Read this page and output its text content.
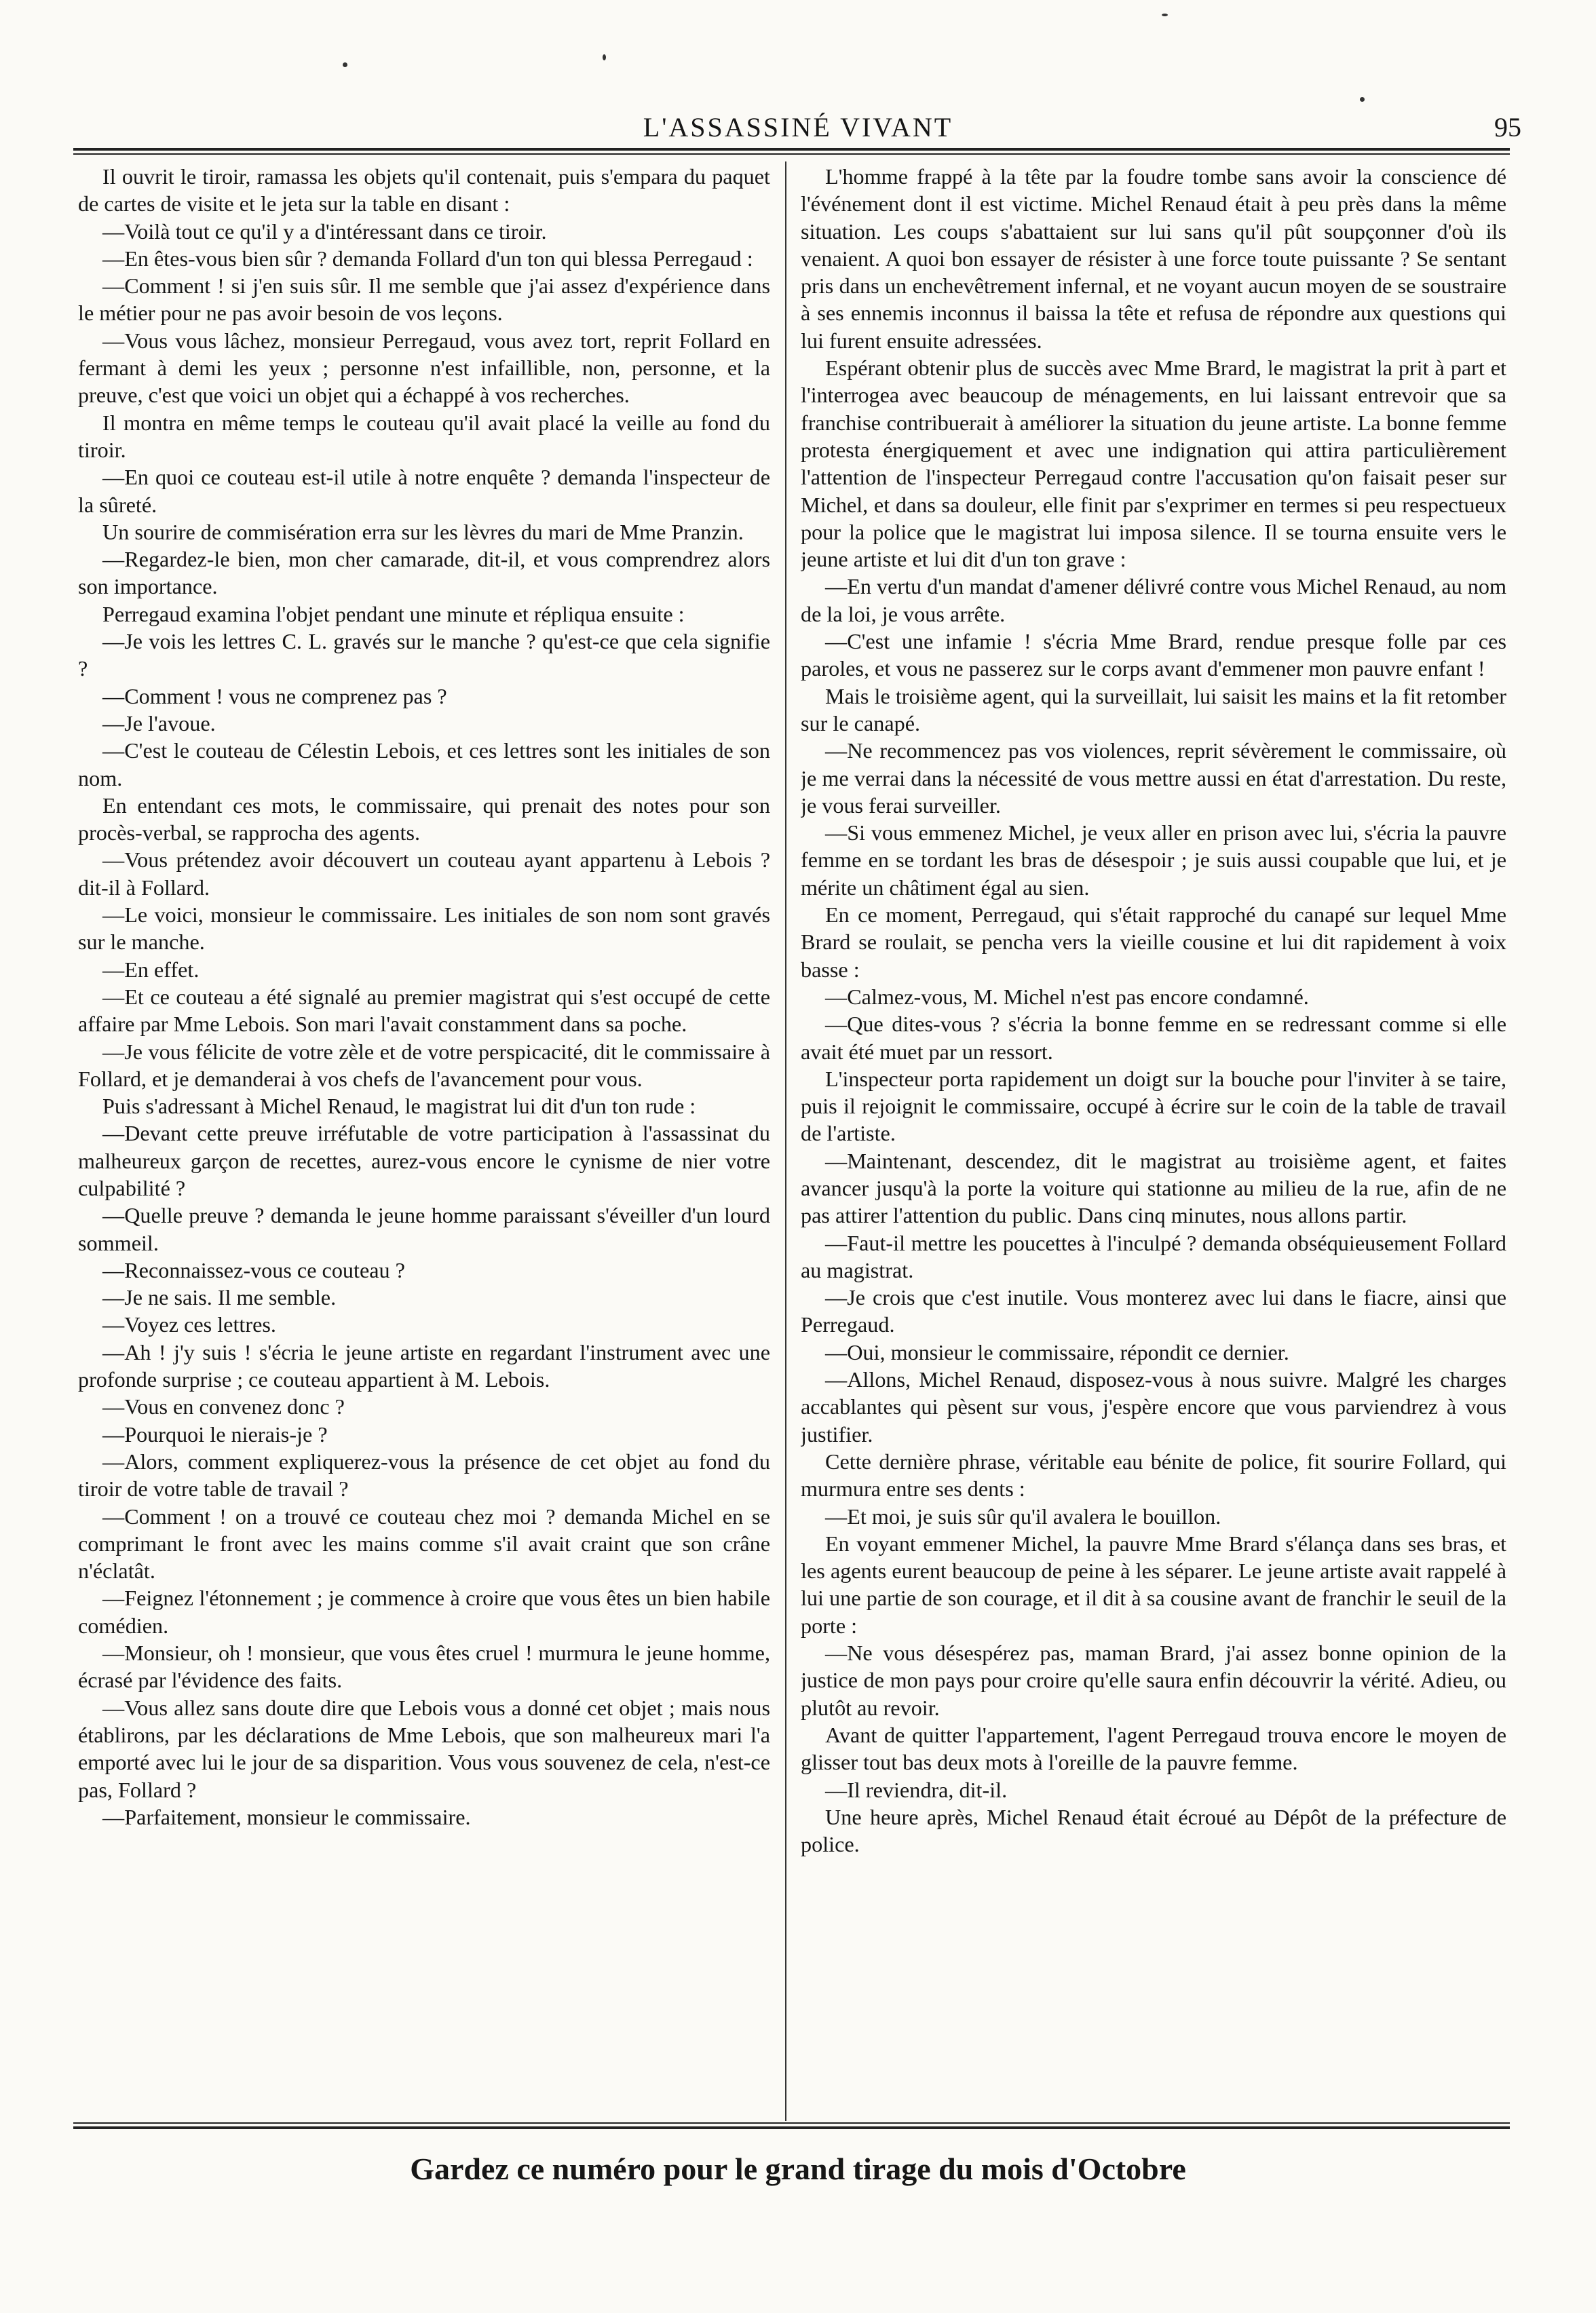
L'ASSASSINÉ VIVANT	95

Il ouvrit le tiroir, ramassa les objets qu'il contenait, puis s'empara du paquet de cartes de visite et le jeta sur la table en disant :

—Voilà tout ce qu'il y a d'intéressant dans ce tiroir.

—En êtes-vous bien sûr ? demanda Follard d'un ton qui blessa Perregaud :

—Comment ! si j'en suis sûr. Il me semble que j'ai assez d'expérience dans le métier pour ne pas avoir besoin de vos leçons.

—Vous vous lâchez, monsieur Perregaud, vous avez tort, reprit Follard en fermant à demi les yeux ; personne n'est infaillible, non, personne, et la preuve, c'est que voici un objet qui a échappé à vos recherches.

Il montra en même temps le couteau qu'il avait placé la veille au fond du tiroir.

—En quoi ce couteau est-il utile à notre enquête ? demanda l'inspecteur de la sûreté.

Un sourire de commisération erra sur les lèvres du mari de Mme Pranzin.

—Regardez-le bien, mon cher camarade, dit-il, et vous comprendrez alors son importance.

Perregaud examina l'objet pendant une minute et répliqua ensuite :

—Je vois les lettres C. L. gravés sur le manche ? qu'est-ce que cela signifie ?

—Comment ! vous ne comprenez pas ?

—Je l'avoue.

—C'est le couteau de Célestin Lebois, et ces lettres sont les initiales de son nom.

En entendant ces mots, le commissaire, qui prenait des notes pour son procès-verbal, se rapprocha des agents.

—Vous prétendez avoir découvert un couteau ayant appartenu à Lebois ? dit-il à Follard.

—Le voici, monsieur le commissaire. Les initiales de son nom sont gravés sur le manche.

—En effet.

—Et ce couteau a été signalé au premier magistrat qui s'est occupé de cette affaire par Mme Lebois. Son mari l'avait constamment dans sa poche.

—Je vous félicite de votre zèle et de votre perspicacité, dit le commissaire à Follard, et je demanderai à vos chefs de l'avancement pour vous.

Puis s'adressant à Michel Renaud, le magistrat lui dit d'un ton rude :

—Devant cette preuve irréfutable de votre participation à l'assassinat du malheureux garçon de recettes, aurez-vous encore le cynisme de nier votre culpabilité ?

—Quelle preuve ? demanda le jeune homme paraissant s'éveiller d'un lourd sommeil.

—Reconnaissez-vous ce couteau ?

—Je ne sais. Il me semble.

—Voyez ces lettres.

—Ah ! j'y suis ! s'écria le jeune artiste en regardant l'instrument avec une profonde surprise ; ce couteau appartient à M. Lebois.

—Vous en convenez donc ?

—Pourquoi le nierais-je ?

—Alors, comment expliquerez-vous la présence de cet objet au fond du tiroir de votre table de travail ?

—Comment ! on a trouvé ce couteau chez moi ? demanda Michel en se comprimant le front avec les mains comme s'il avait craint que son crâne n'éclatât.

—Feignez l'étonnement ; je commence à croire que vous êtes un bien habile comédien.

—Monsieur, oh ! monsieur, que vous êtes cruel ! murmura le jeune homme, écrasé par l'évidence des faits.

—Vous allez sans doute dire que Lebois vous a donné cet objet ; mais nous établirons, par les déclarations de Mme Lebois, que son malheureux mari l'a emporté avec lui le jour de sa disparition. Vous vous souvenez de cela, n'est-ce pas, Follard ?

—Parfaitement, monsieur le commissaire.

L'homme frappé à la tête par la foudre tombe sans avoir la conscience dé l'événement dont il est victime. Michel Renaud était à peu près dans la même situation. Les coups s'abattaient sur lui sans qu'il pût soupçonner d'où ils venaient. A quoi bon essayer de résister à une force toute puissante ? Se sentant pris dans un enchevêtrement infernal, et ne voyant aucun moyen de se soustraire à ses ennemis inconnus il baissa la tête et refusa de répondre aux questions qui lui furent ensuite adressées.

Espérant obtenir plus de succès avec Mme Brard, le magistrat la prit à part et l'interrogea avec beaucoup de ménagements, en lui laissant entrevoir que sa franchise contribuerait à améliorer la situation du jeune artiste. La bonne femme protesta énergiquement et avec une indignation qui attira particulièrement l'attention de l'inspecteur Perregaud contre l'accusation qu'on faisait peser sur Michel, et dans sa douleur, elle finit par s'exprimer en termes si peu respectueux pour la police que le magistrat lui imposa silence. Il se tourna ensuite vers le jeune artiste et lui dit d'un ton grave :

—En vertu d'un mandat d'amener délivré contre vous Michel Renaud, au nom de la loi, je vous arrête.

—C'est une infamie ! s'écria Mme Brard, rendue presque folle par ces paroles, et vous ne passerez sur le corps avant d'emmener mon pauvre enfant !

Mais le troisième agent, qui la surveillait, lui saisit les mains et la fit retomber sur le canapé.

—Ne recommencez pas vos violences, reprit sévèrement le commissaire, où je me verrai dans la nécessité de vous mettre aussi en état d'arrestation. Du reste, je vous ferai surveiller.

—Si vous emmenez Michel, je veux aller en prison avec lui, s'écria la pauvre femme en se tordant les bras de désespoir ; je suis aussi coupable que lui, et je mérite un châtiment égal au sien.

En ce moment, Perregaud, qui s'était rapproché du canapé sur lequel Mme Brard se roulait, se pencha vers la vieille cousine et lui dit rapidement à voix basse :

—Calmez-vous, M. Michel n'est pas encore condamné.

—Que dites-vous ? s'écria la bonne femme en se redressant comme si elle avait été muet par un ressort.

L'inspecteur porta rapidement un doigt sur la bouche pour l'inviter à se taire, puis il rejoignit le commissaire, occupé à écrire sur le coin de la table de travail de l'artiste.

—Maintenant, descendez, dit le magistrat au troisième agent, et faites avancer jusqu'à la porte la voiture qui stationne au milieu de la rue, afin de ne pas attirer l'attention du public. Dans cinq minutes, nous allons partir.

—Faut-il mettre les poucettes à l'inculpé ? demanda obséquieusement Follard au magistrat.

—Je crois que c'est inutile. Vous monterez avec lui dans le fiacre, ainsi que Perregaud.

—Oui, monsieur le commissaire, répondit ce dernier.

—Allons, Michel Renaud, disposez-vous à nous suivre. Malgré les charges accablantes qui pèsent sur vous, j'espère encore que vous parviendrez à vous justifier.

Cette dernière phrase, véritable eau bénite de police, fit sourire Follard, qui murmura entre ses dents :

—Et moi, je suis sûr qu'il avalera le bouillon.

En voyant emmener Michel, la pauvre Mme Brard s'élança dans ses bras, et les agents eurent beaucoup de peine à les séparer. Le jeune artiste avait rappelé à lui une partie de son courage, et il dit à sa cousine avant de franchir le seuil de la porte :

—Ne vous désespérez pas, maman Brard, j'ai assez bonne opinion de la justice de mon pays pour croire qu'elle saura enfin découvrir la vérité. Adieu, ou plutôt au revoir.

Avant de quitter l'appartement, l'agent Perregaud trouva encore le moyen de glisser tout bas deux mots à l'oreille de la pauvre femme.

—Il reviendra, dit-il.

Une heure après, Michel Renaud était écroué au Dépôt de la préfecture de police.

Gardez ce numéro pour le grand tirage du mois d'Octobre
